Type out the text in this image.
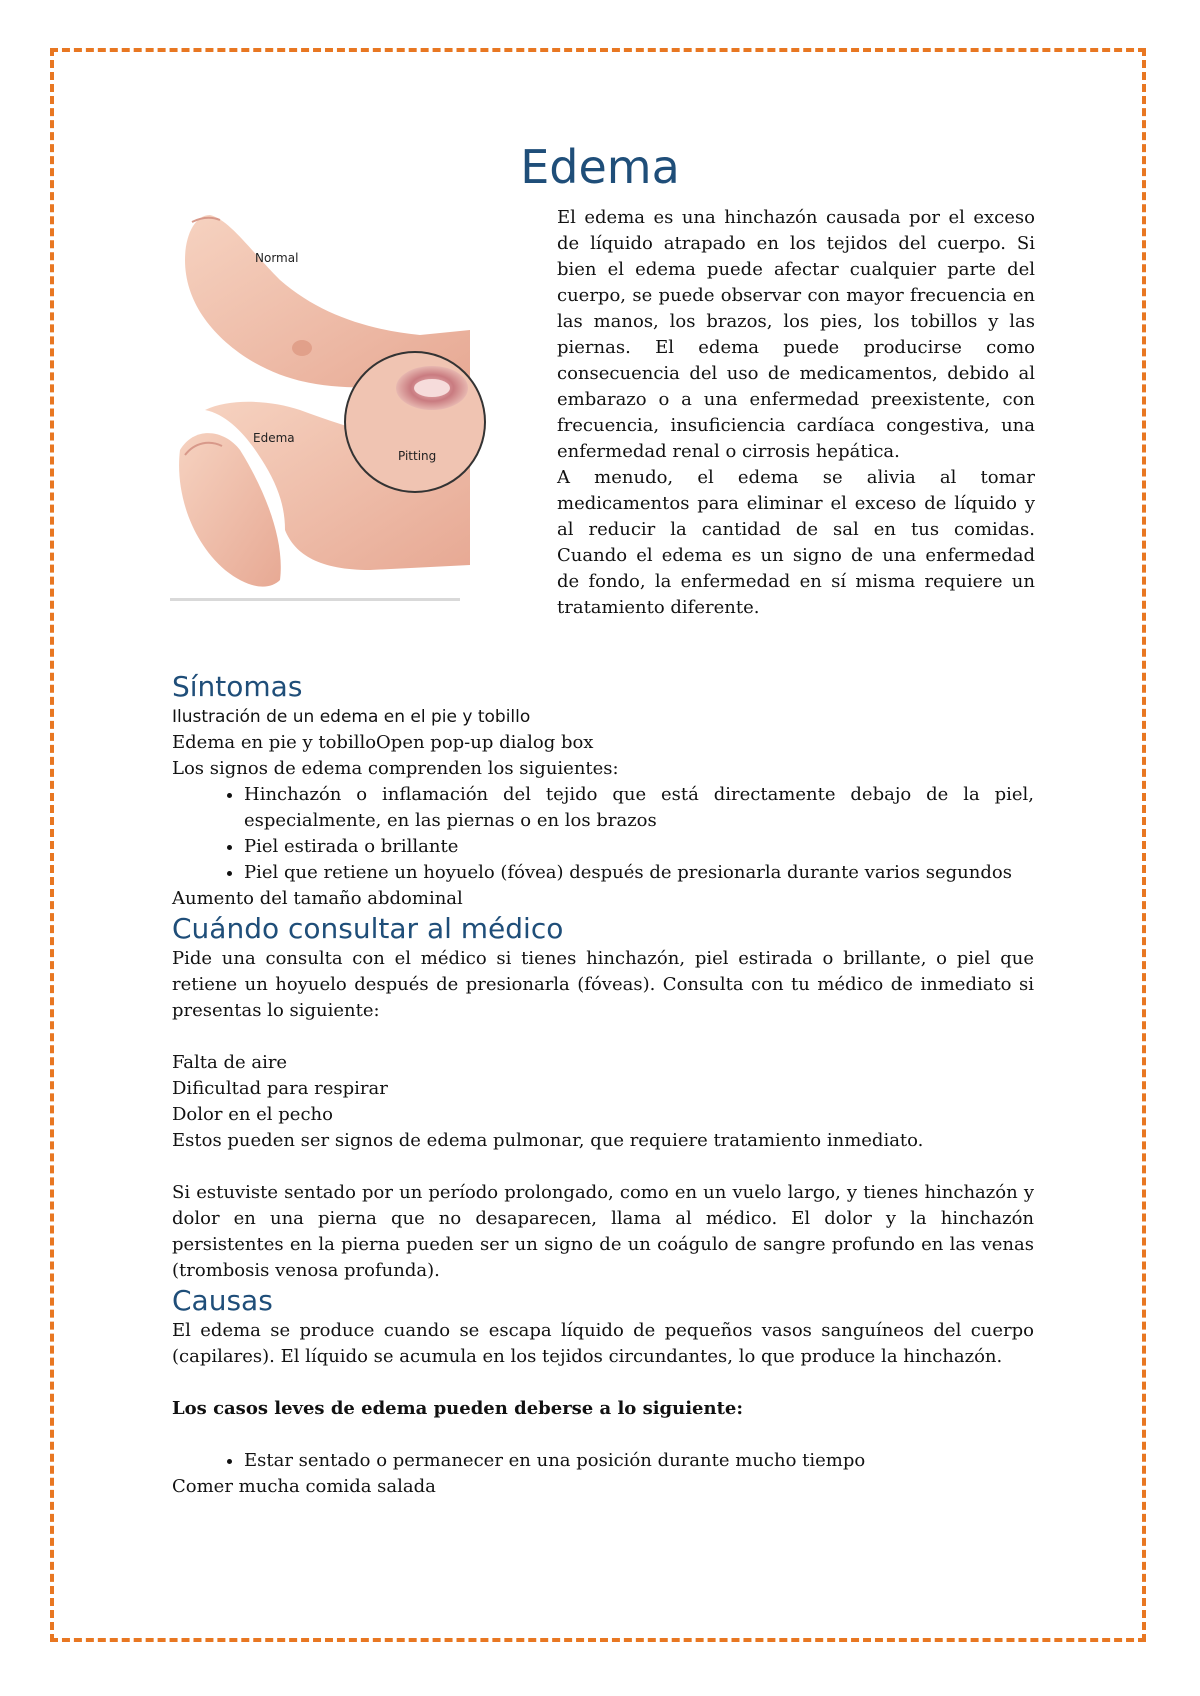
Edema
Normal
Edema
Pitting

El edema es una hinchazón causada por el exceso de líquido atrapado en los tejidos del cuerpo. Si bien el edema puede afectar cualquier parte del cuerpo, se puede observar con mayor frecuencia en las manos, los brazos, los pies, los tobillos y las piernas. El edema puede producirse como consecuencia del uso de medicamentos, debido al embarazo o a una enfermedad preexistente, con frecuencia, insuficiencia cardíaca congestiva, una enfermedad renal o cirrosis hepática.

A menudo, el edema se alivia al tomar medicamentos para eliminar el exceso de líquido y al reducir la cantidad de sal en tus comidas. Cuando el edema es un signo de una enfermedad de fondo, la enfermedad en sí misma requiere un tratamiento diferente.

Síntomas

Ilustración de un edema en el pie y tobillo

Edema en pie y tobilloOpen pop-up dialog box

Los signos de edema comprenden los siguientes:

• Hinchazón o inflamación del tejido que está directamente debajo de la piel, especialmente, en las piernas o en los brazos
• Piel estirada o brillante
• Piel que retiene un hoyuelo (fóvea) después de presionarla durante varios segundos

Aumento del tamaño abdominal

Cuándo consultar al médico

Pide una consulta con el médico si tienes hinchazón, piel estirada o brillante, o piel que retiene un hoyuelo después de presionarla (fóveas). Consulta con tu médico de inmediato si presentas lo siguiente:

Falta de aire

Dificultad para respirar

Dolor en el pecho

Estos pueden ser signos de edema pulmonar, que requiere tratamiento inmediato.

Si estuviste sentado por un período prolongado, como en un vuelo largo, y tienes hinchazón y dolor en una pierna que no desaparecen, llama al médico. El dolor y la hinchazón persistentes en la pierna pueden ser un signo de un coágulo de sangre profundo en las venas (trombosis venosa profunda).

Causas

El edema se produce cuando se escapa líquido de pequeños vasos sanguíneos del cuerpo (capilares). El líquido se acumula en los tejidos circundantes, lo que produce la hinchazón.

Los casos leves de edema pueden deberse a lo siguiente:

• Estar sentado o permanecer en una posición durante mucho tiempo

Comer mucha comida salada
